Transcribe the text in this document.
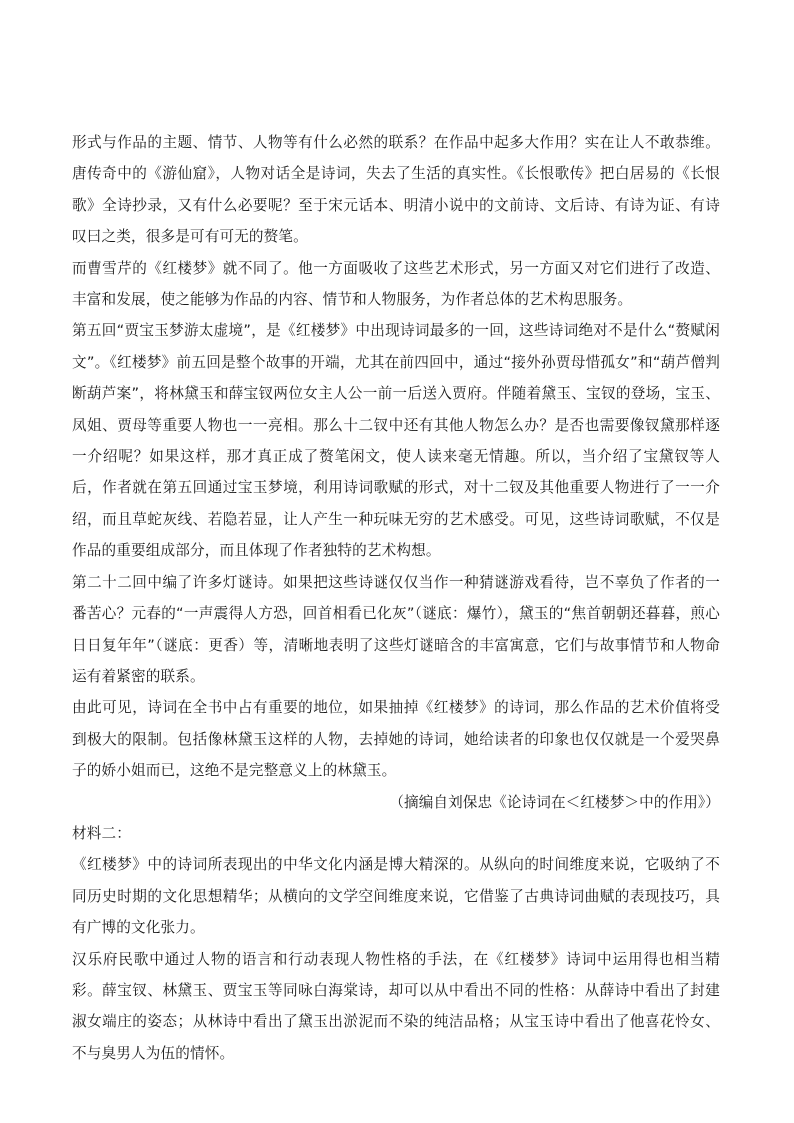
形式与作品的主题、情节、人物等有什么必然的联系？在作品中起多大作用？实在让人不敢恭维。唐传奇中的《游仙窟》，人物对话全是诗词，失去了生活的真实性。《长恨歌传》把白居易的《长恨歌》全诗抄录，又有什么必要呢？至于宋元话本、明清小说中的文前诗、文后诗、有诗为证、有诗叹曰之类，很多是可有可无的赘笔。

而曹雪芹的《红楼梦》就不同了。他一方面吸收了这些艺术形式，另一方面又对它们进行了改造、丰富和发展，使之能够为作品的内容、情节和人物服务，为作者总体的艺术构思服务。

第五回“贾宝玉梦游太虚境”，是《红楼梦》中出现诗词最多的一回，这些诗词绝对不是什么“赘赋闲文”。《红楼梦》前五回是整个故事的开端，尤其在前四回中，通过“接外孙贾母惜孤女”和“葫芦僧判断葫芦案”，将林黛玉和薛宝钗两位女主人公一前一后送入贾府。伴随着黛玉、宝钗的登场，宝玉、凤姐、贾母等重要人物也一一亮相。那么十二钗中还有其他人物怎么办？是否也需要像钗黛那样逐一介绍呢？如果这样，那才真正成了赘笔闲文，使人读来毫无情趣。所以，当介绍了宝黛钗等人后，作者就在第五回通过宝玉梦境，利用诗词歌赋的形式，对十二钗及其他重要人物进行了一一介绍，而且草蛇灰线、若隐若显，让人产生一种玩味无穷的艺术感受。可见，这些诗词歌赋，不仅是作品的重要组成部分，而且体现了作者独特的艺术构想。

第二十二回中编了许多灯谜诗。如果把这些诗谜仅仅当作一种猜谜游戏看待，岂不辜负了作者的一番苦心？元春的“一声震得人方恐，回首相看已化灰”（谜底：爆竹），黛玉的“焦首朝朝还暮暮，煎心日日复年年”（谜底：更香）等，清晰地表明了这些灯谜暗含的丰富寓意，它们与故事情节和人物命运有着紧密的联系。

由此可见，诗词在全书中占有重要的地位，如果抽掉《红楼梦》的诗词，那么作品的艺术价值将受到极大的限制。包括像林黛玉这样的人物，去掉她的诗词，她给读者的印象也仅仅就是一个爱哭鼻子的娇小姐而已，这绝不是完整意义上的林黛玉。

（摘编自刘保忠《论诗词在＜红楼梦＞中的作用》）

材料二：

《红楼梦》中的诗词所表现出的中华文化内涵是博大精深的。从纵向的时间维度来说，它吸纳了不同历史时期的文化思想精华；从横向的文学空间维度来说，它借鉴了古典诗词曲赋的表现技巧，具有广博的文化张力。

汉乐府民歌中通过人物的语言和行动表现人物性格的手法，在《红楼梦》诗词中运用得也相当精彩。薛宝钗、林黛玉、贾宝玉等同咏白海棠诗，却可以从中看出不同的性格：从薛诗中看出了封建淑女端庄的姿态；从林诗中看出了黛玉出淤泥而不染的纯洁品格；从宝玉诗中看出了他喜花怜女、不与臭男人为伍的情怀。
